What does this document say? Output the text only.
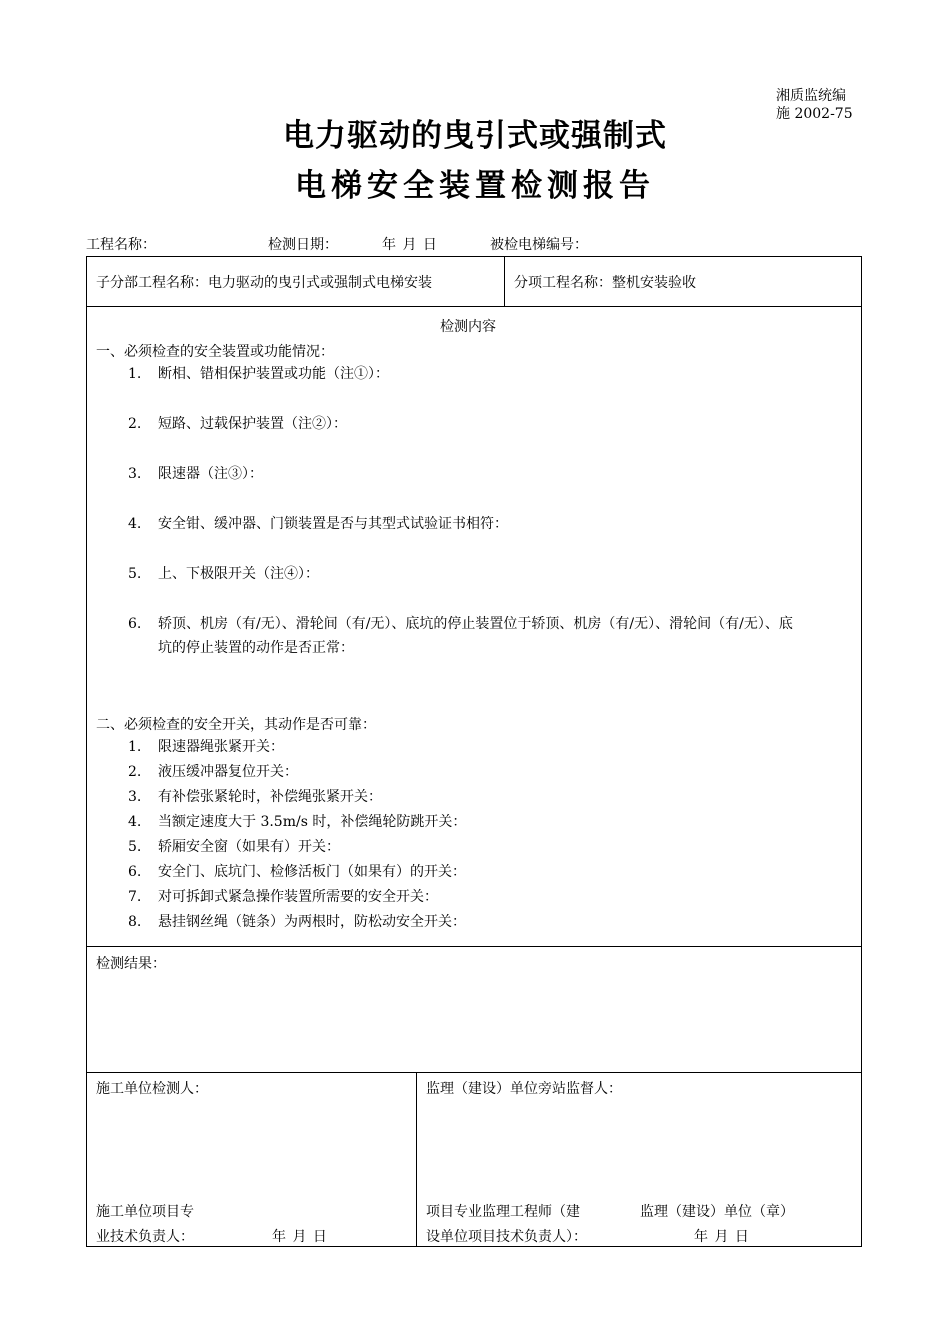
湘质监统编
施 2002-75
电力驱动的曳引式或强制式
电梯安全装置检测报告
工程名称：	检测日期：	年 月 日	被检电梯编号：
子分部工程名称：电力驱动的曳引式或强制式电梯安装	分项工程名称：整机安装验收
检测内容
一、必须检查的安全装置或功能情况：
1. 断相、错相保护装置或功能（注①）：
2. 短路、过载保护装置（注②）：
3. 限速器（注③）：
4. 安全钳、缓冲器、门锁装置是否与其型式试验证书相符：
5. 上、下极限开关（注④）：
6. 轿顶、机房（有/无）、滑轮间（有/无）、底坑的停止装置位于轿顶、机房（有/无）、滑轮间（有/无）、底
坑的停止装置的动作是否正常：
二、必须检查的安全开关，其动作是否可靠：
1. 限速器绳张紧开关：
2. 液压缓冲器复位开关：
3. 有补偿张紧轮时，补偿绳张紧开关：
4. 当额定速度大于 3.5m/s 时，补偿绳轮防跳开关：
5. 轿厢安全窗（如果有）开关：
6. 安全门、底坑门、检修活板门（如果有）的开关：
7. 对可拆卸式紧急操作装置所需要的安全开关：
8. 悬挂钢丝绳（链条）为两根时，防松动安全开关：
检测结果：
施工单位检测人：	监理（建设）单位旁站监督人：
施工单位项目专
业技术负责人：	年 月 日
项目专业监理工程师（建	监理（建设）单位（章）
设单位项目技术负责人）：	年 月 日
